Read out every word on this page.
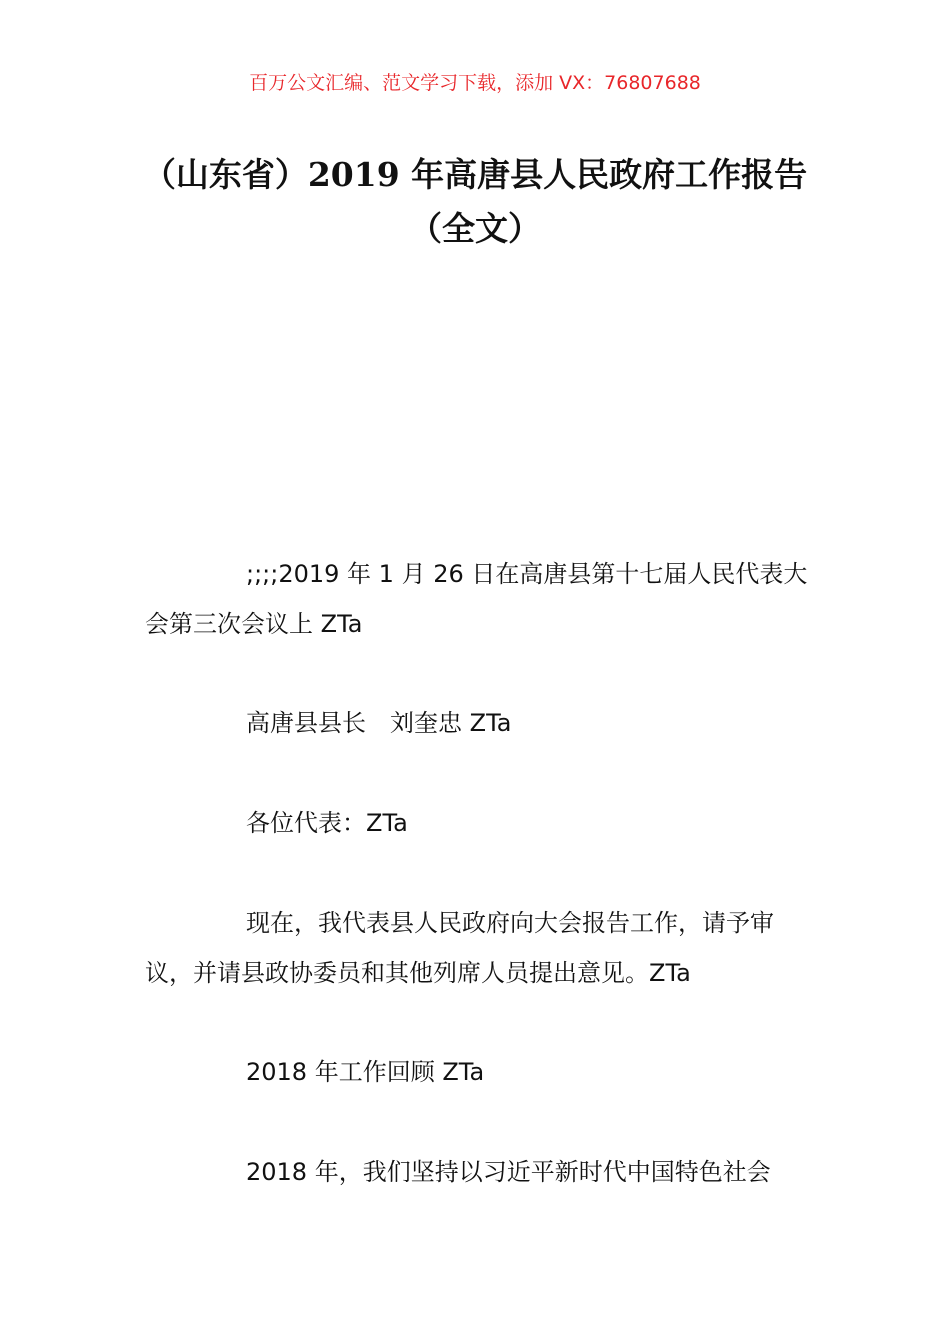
百万公文汇编、范文学习下载，添加 VX：76807688
（山东省）2019 年高唐县人民政府工作报告（全文）
;;;;2019 年 1 月 26 日在高唐县第十七届人民代表大会第三次会议上 ZTa
高唐县县长　刘奎忠 ZTa
各位代表：ZTa
现在，我代表县人民政府向大会报告工作，请予审议，并请县政协委员和其他列席人员提出意见。ZTa
2018 年工作回顾 ZTa
2018 年，我们坚持以习近平新时代中国特色社会
